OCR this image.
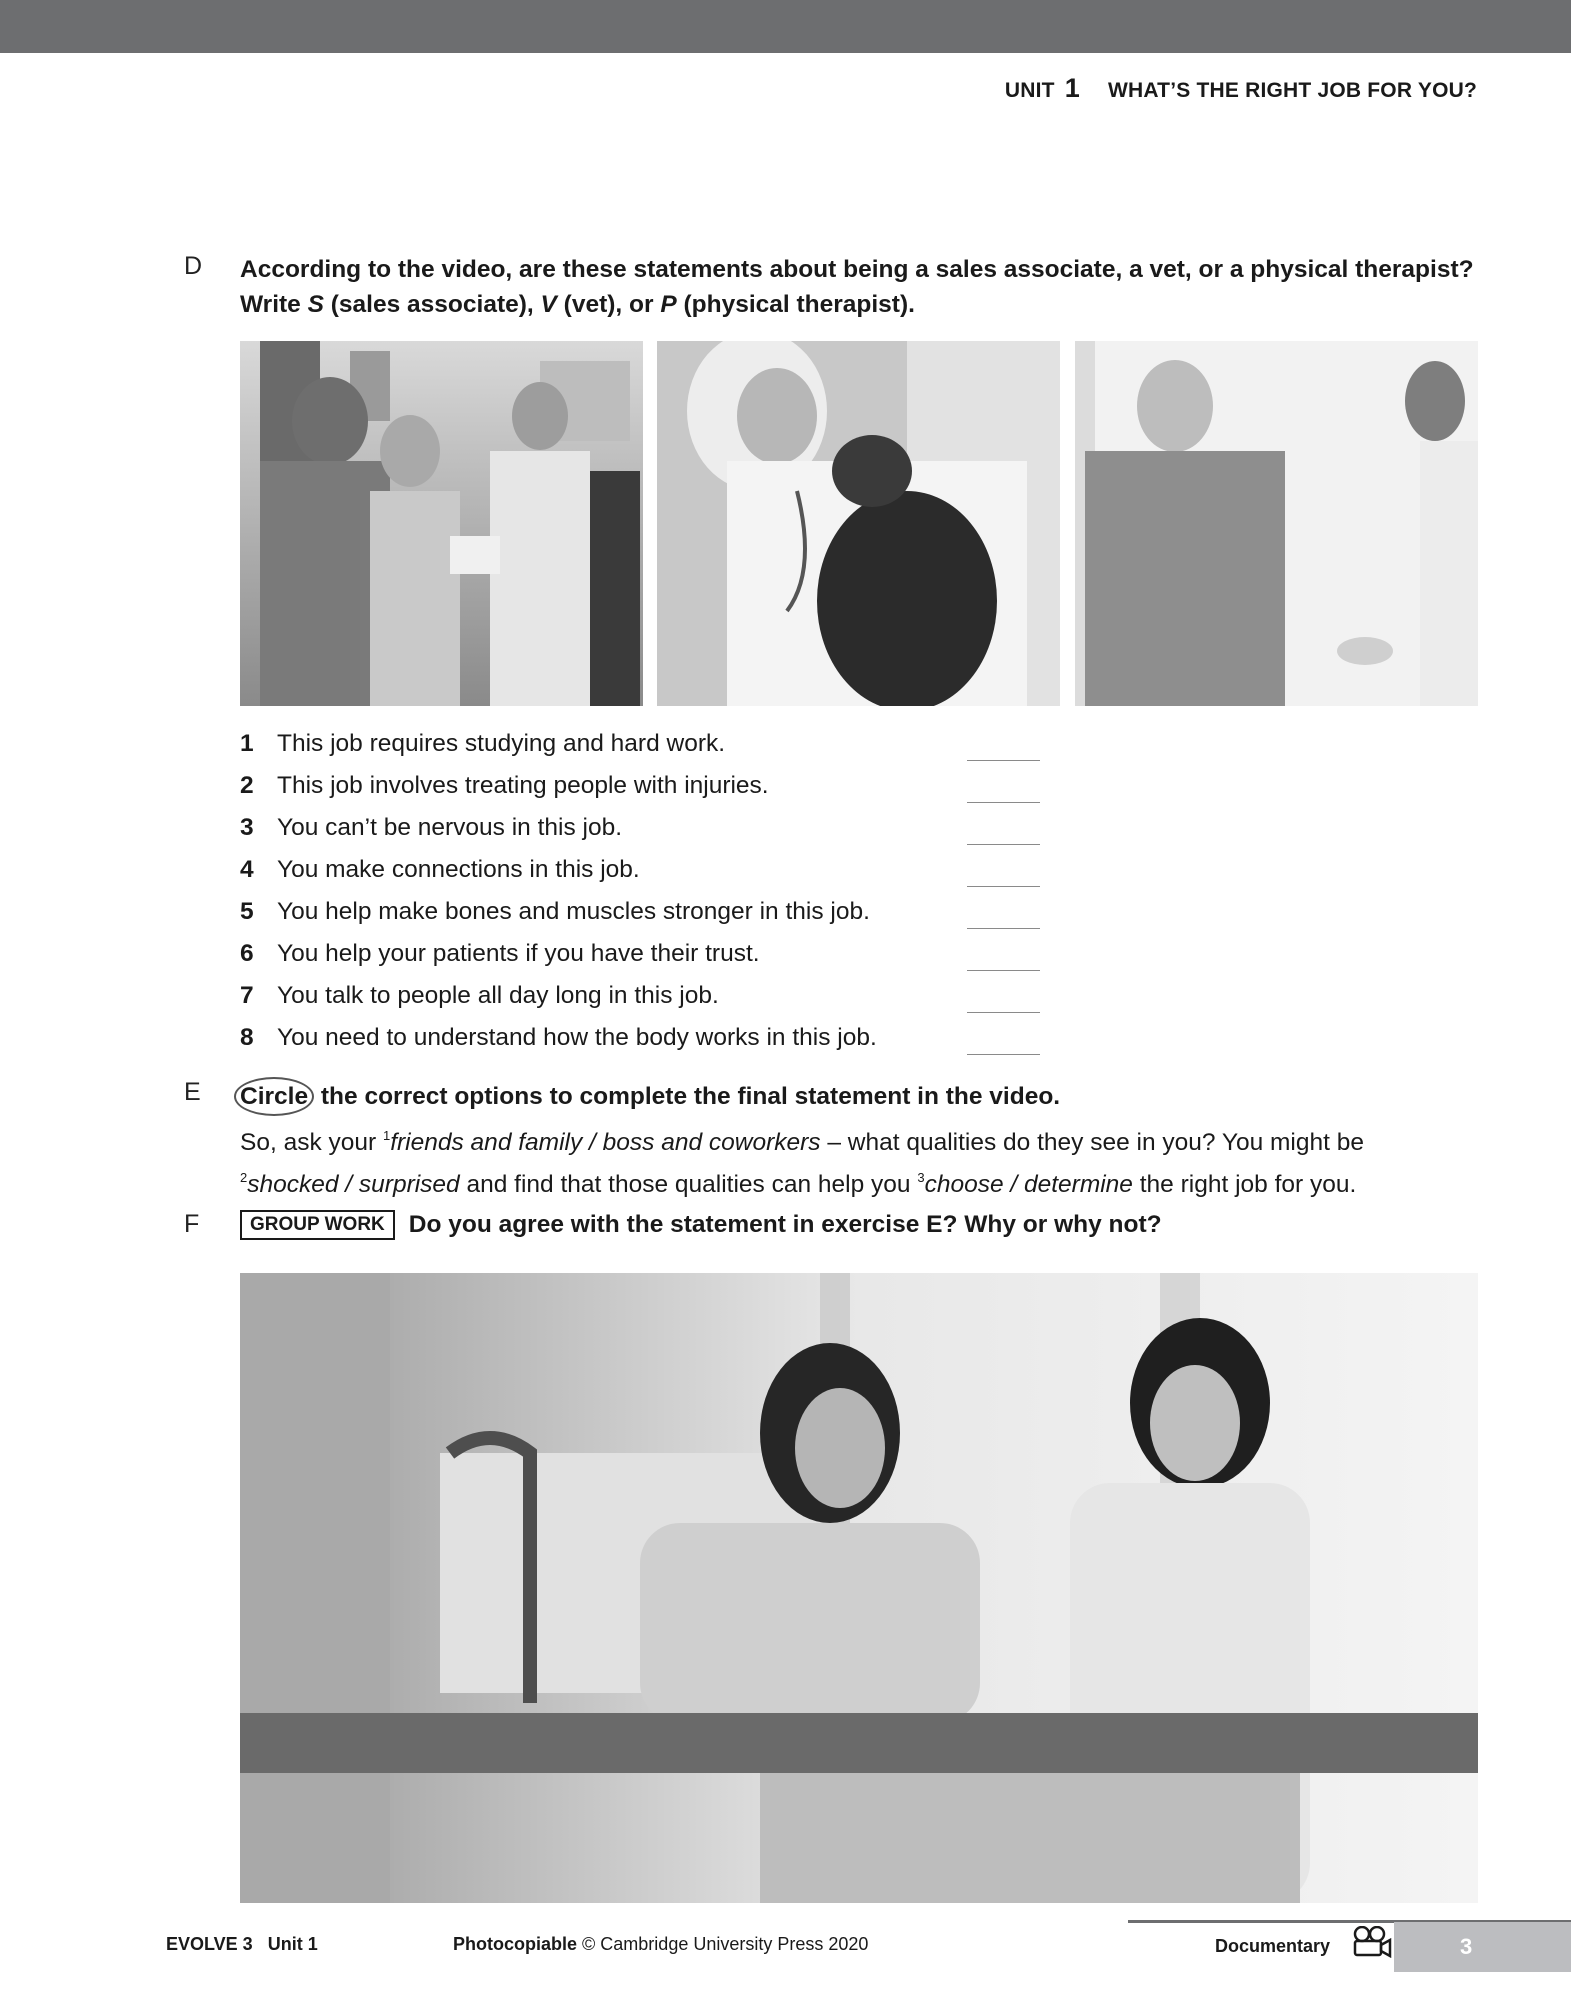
UNIT 1 WHAT’S THE RIGHT JOB FOR YOU?
D According to the video, are these statements about being a sales associate, a vet, or a physical therapist?
Write S (sales associate), V (vet), or P (physical therapist).
1 This job requires studying and hard work.
2 This job involves treating people with injuries.
3 You can’t be nervous in this job.
4 You make connections in this job.
5 You help make bones and muscles stronger in this job.
6 You help your patients if you have their trust.
7 You talk to people all day long in this job.
8 You need to understand how the body works in this job.
E Circle the correct options to complete the final statement in the video.
So, ask your $^1$friends and family / boss and coworkers – what qualities do they see in you? You might be
$^2$shocked / surprised and find that those qualities can help you $^3$choose / determine the right job for you.
F	GROUP WORK Do you agree with the statement in exercise E? Why or why not?
EVOLVE 3 Unit 1	Photocopiable © Cambridge University Press 2020	Documentary	3
